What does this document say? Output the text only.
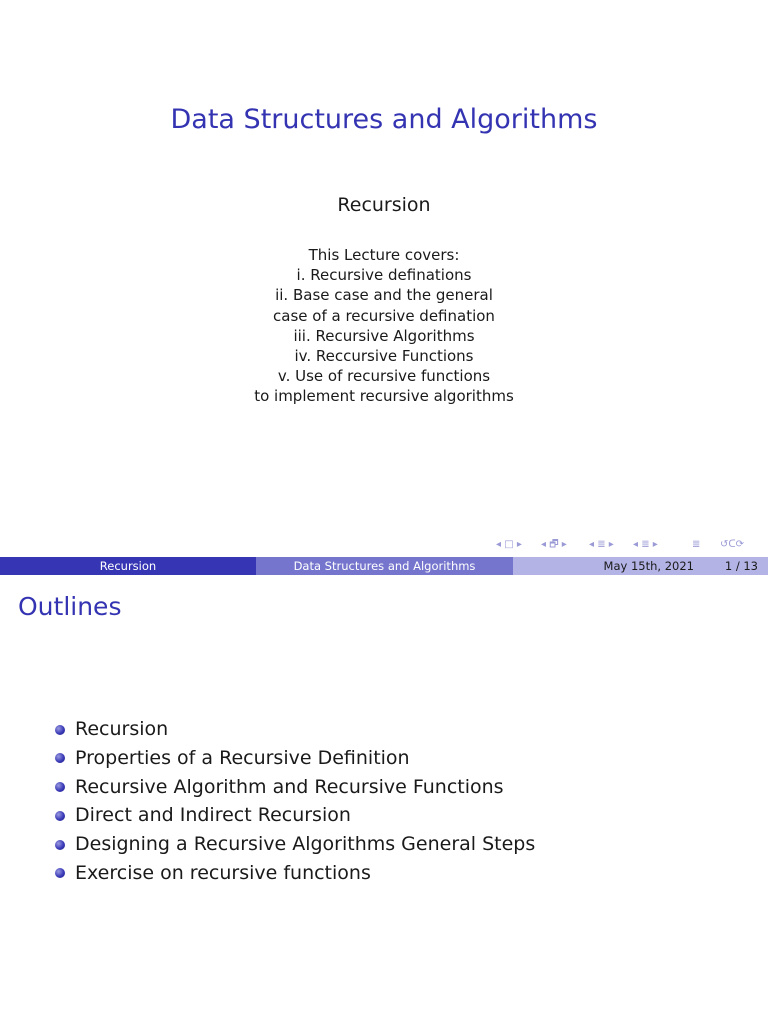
Data Structures and Algorithms
Recursion
This Lecture covers:
i. Recursive definations
ii. Base case and the general
case of a recursive defination
iii. Recursive Algorithms
iv. Reccursive Functions
v. Use of recursive functions
to implement recursive algorithms
◂ □ ▸ ◂ 🗗 ▸ ◂ ≣ ▸ ◂ ≣ ▸	≣ ↺ᑕ⟳
Recursion	Data Structures and Algorithms	May 15th, 2021	1 / 13
Outlines
Recursion
Properties of a Recursive Definition
Recursive Algorithm and Recursive Functions
Direct and Indirect Recursion
Designing a Recursive Algorithms General Steps
Exercise on recursive functions
